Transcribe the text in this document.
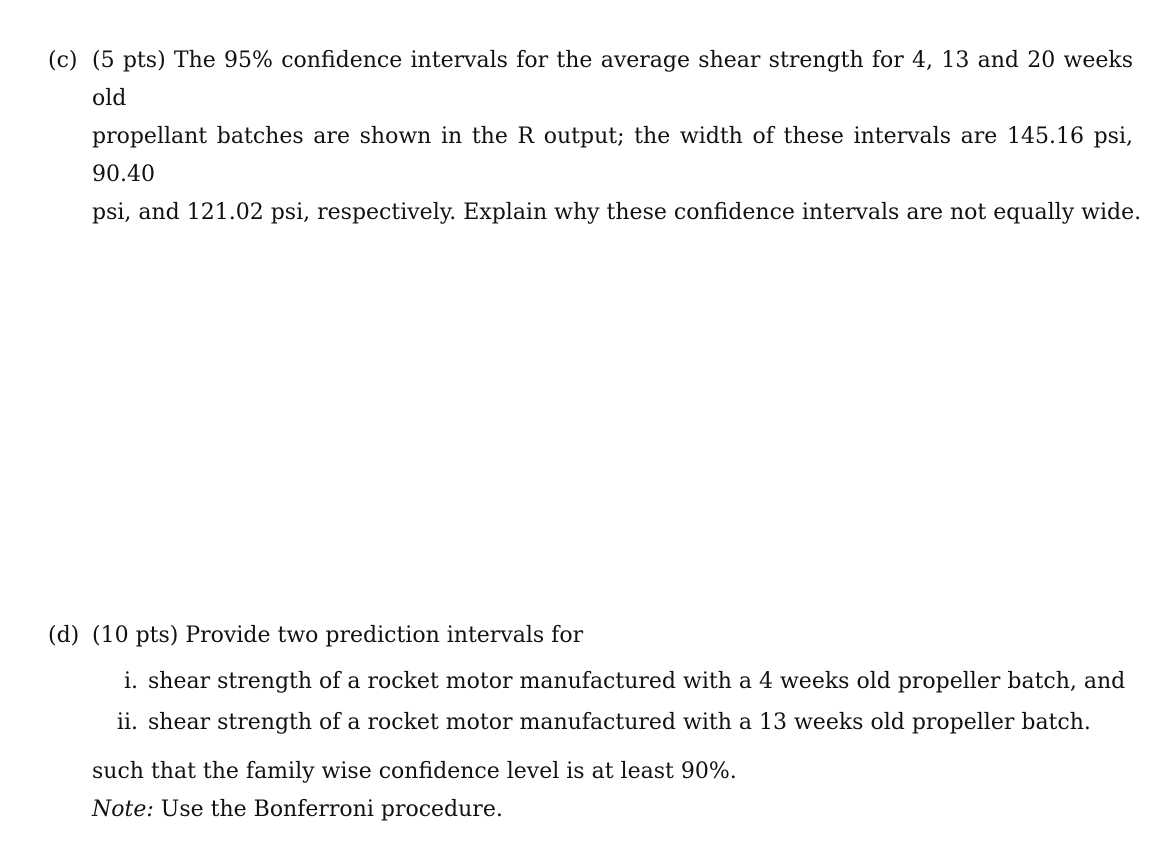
(c) (5 pts) The 95% confidence intervals for the average shear strength for 4, 13 and 20 weeks old
propellant batches are shown in the R output; the width of these intervals are 145.16 psi, 90.40
psi, and 121.02 psi, respectively. Explain why these confidence intervals are not equally wide.
(d) (10 pts) Provide two prediction intervals for
i. shear strength of a rocket motor manufactured with a 4 weeks old propeller batch, and
ii. shear strength of a rocket motor manufactured with a 13 weeks old propeller batch.
such that the family wise confidence level is at least 90%.
Note: Use the Bonferroni procedure.
